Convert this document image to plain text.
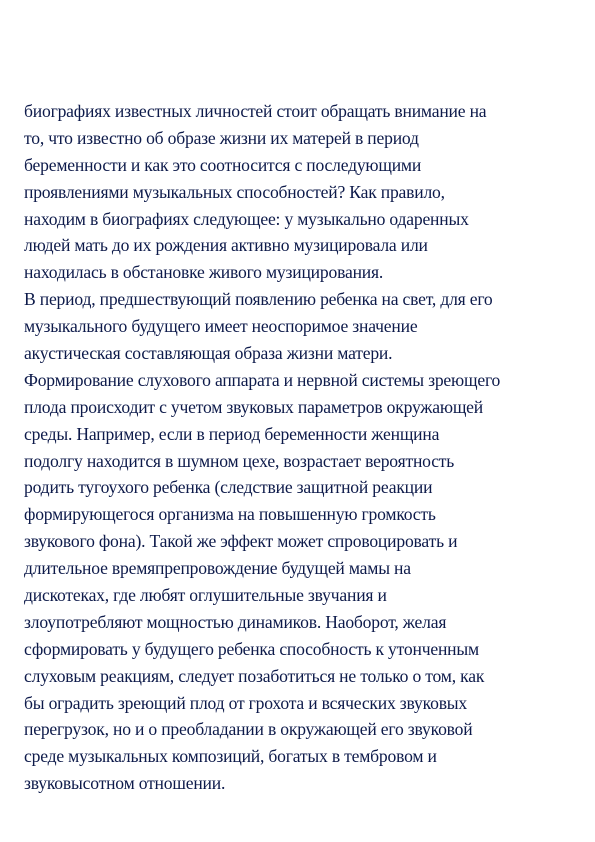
биографиях известных личностей стоит обращать внимание на
то, что известно об образе жизни их матерей в период
беременности и как это соотносится с последующими
проявлениями музыкальных способностей? Как правило,
находим в биографиях следующее: у музыкально одаренных
людей мать до их рождения активно музицировала или
находилась в обстановке живого музицирования.
В период, предшествующий появлению ребенка на свет, для его
музыкального будущего имеет неоспоримое значение
акустическая составляющая образа жизни матери.
Формирование слухового аппарата и нервной системы зреющего
плода происходит с учетом звуковых параметров окружающей
среды. Например, если в период беременности женщина
подолгу находится в шумном цехе, возрастает вероятность
родить тугоухого ребенка (следствие защитной реакции
формирующегося организма на повышенную громкость
звукового фона). Такой же эффект может спровоцировать и
длительное времяпрепровождение будущей мамы на
дискотеках, где любят оглушительные звучания и
злоупотребляют мощностью динамиков. Наоборот, желая
сформировать у будущего ребенка способность к утонченным
слуховым реакциям, следует позаботиться не только о том, как
бы оградить зреющий плод от грохота и всяческих звуковых
перегрузок, но и о преобладании в окружающей его звуковой
среде музыкальных композиций, богатых в тембровом и
звуковысотном отношении.
